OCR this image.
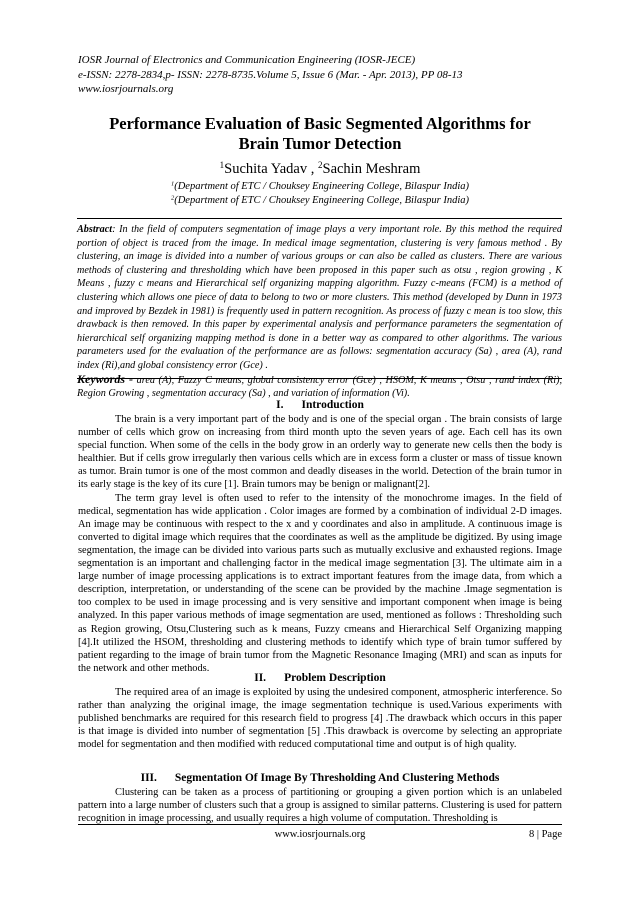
IOSR Journal of Electronics and Communication Engineering (IOSR-JECE)
e-ISSN: 2278-2834,p- ISSN: 2278-8735.Volume 5, Issue 6 (Mar. - Apr. 2013), PP 08-13
www.iosrjournals.org
Performance Evaluation of Basic Segmented Algorithms for
Brain Tumor Detection
$^1$Suchita Yadav , $^2$Sachin Meshram
$^1$(Department of ETC / Chouksey Engineering College, Bilaspur India)
$^2$(Department of ETC / Chouksey Engineering College, Bilaspur India)

Abstract: In the field of computers segmentation of image plays a very important role. By this method the required portion of object is traced from the image. In medical image segmentation, clustering is very famous method . By clustering, an image is divided into a number of various groups or can also be called as clusters. There are various methods of clustering and thresholding which have been proposed in this paper such as otsu , region growing , K Means , fuzzy c means and Hierarchical self organizing mapping algorithm. Fuzzy c-means (FCM) is a method of clustering which allows one piece of data to belong to two or more clusters. This method (developed by Dunn in 1973 and improved by Bezdek in 1981) is frequently used in pattern recognition. As process of fuzzy c mean is too slow, this drawback is then removed. In this paper by experimental analysis and performance parameters the segmentation of hierarchical self organizing mapping method is done in a better way as compared to other algorithms. The various parameters used for the evaluation of the performance are as follows: segmentation accuracy (Sa) , area (A), rand index (Ri),and global consistency error (Gce) .

Keywords - area (A), Fuzzy C means, global consistency error (Gce) , HSOM, K means , Otsu , rand index (Ri), Region Growing , segmentation accuracy (Sa) , and variation of information (Vi).

I. Introduction

The brain is a very important part of the body and is one of the special organ . The brain consists of large number of cells which grow on increasing from third month upto the seven years of age. Each cell has its own special function. When some of the cells in the body grow in an orderly way to generate new cells then the body is healthier. But if cells grow irregularly then various cells which are in excess form a cluster or mass of tissue known as tumor. Brain tumor is one of the most common and deadly diseases in the world. Detection of the brain tumor in its early stage is the key of its cure [1]. Brain tumors may be benign or malignant[2].

The term gray level is often used to refer to the intensity of the monochrome images. In the field of medical, segmentation has wide application . Color images are formed by a combination of individual 2-D images. An image may be continuous with respect to the x and y coordinates and also in amplitude. A continuous image is converted to digital image which requires that the coordinates as well as the amplitude be digitized. By using image segmentation, the image can be divided into various parts such as mutually exclusive and exhausted regions. Image segmentation is an important and challenging factor in the medical image segmentation [3]. The ultimate aim in a large number of image processing applications is to extract important features from the image data, from which a description, interpretation, or understanding of the scene can be provided by the machine .Image segmentation is too complex to be used in image processing and is very sensitive and important component when image is being analyzed. In this paper various methods of image segmentation are used, mentioned as follows : Thresholding such as Region growing, Otsu,Clustering such as k means, Fuzzy cmeans and Hierarchical Self Organizing mapping [4].It utilized the HSOM, thresholding and clustering methods to identify which type of brain tumor suffered by patient regarding to the image of brain tumor from the Magnetic Resonance Imaging (MRI) and scan as inputs for the network and other methods.

II. Problem Description

The required area of an image is exploited by using the undesired component, atmospheric interference. So rather than analyzing the original image, the image segmentation technique is used.Various experiments with published benchmarks are required for this research field to progress [4] .The drawback which occurs in this paper is that image is divided into number of segmentation [5] .This drawback is overcome by selecting an appropriate model for segmentation and then modified with reduced computational time and output is of high quality.

III. Segmentation Of Image By Thresholding And Clustering Methods

Clustering can be taken as a process of partitioning or grouping a given portion which is an unlabeled pattern into a large number of clusters such that a group is assigned to similar patterns. Clustering is used for pattern recognition in image processing, and usually requires a high volume of computation. Thresholding is

www.iosrjournals.org	8 | Page
